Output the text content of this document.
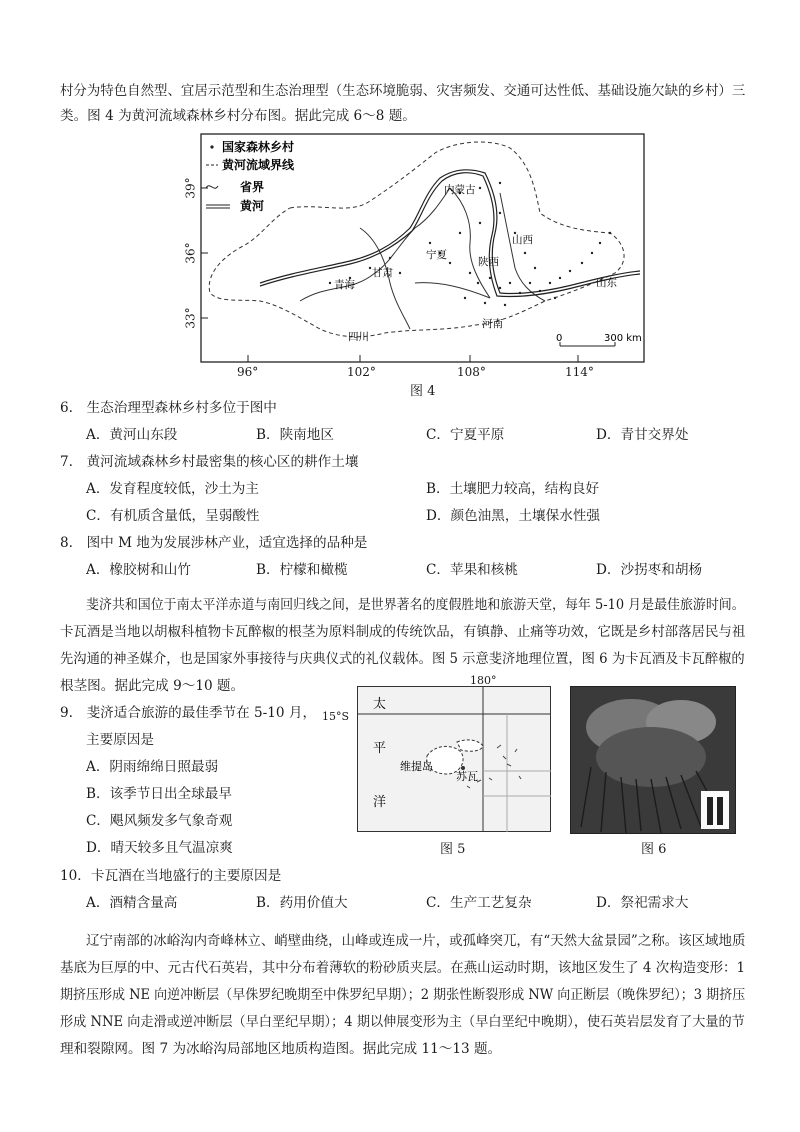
村分为特色自然型、宜居示范型和生态治理型（生态环境脆弱、灾害频发、交通可达性低、基础设施欠缺的乡村）三
类。图 4 为黄河流域森林乡村分布图。据此完成 6～8 题。
国家森林乡村
黄河流域界线
省界
黄河
内蒙古
宁夏
陕西
山西
甘肃
青海
四川
河南
山东
0	300 km
39°
36°
33°
96°	102°	108°	114°
图 4
6.　生态治理型森林乡村多位于图中
A．黄河山东段	B．陕南地区	C．宁夏平原	D．青甘交界处
7.　黄河流域森林乡村最密集的核心区的耕作土壤
A．发育程度较低，沙土为主	B．土壤肥力较高，结构良好
C．有机质含量低，呈弱酸性	D．颜色油黑，土壤保水性强
8.　图中 M 地为发展涉林产业，适宜选择的品种是
A．橡胶树和山竹	B．柠檬和橄榄	C．苹果和核桃	D．沙拐枣和胡杨
斐济共和国位于南太平洋赤道与南回归线之间，是世界著名的度假胜地和旅游天堂，每年 5-10 月是最佳旅游时间。
卡瓦酒是当地以胡椒科植物卡瓦醉椒的根茎为原料制成的传统饮品，有镇静、止痛等功效，它既是乡村部落居民与祖
先沟通的神圣媒介，也是国家外事接待与庆典仪式的礼仪载体。图 5 示意斐济地理位置，图 6 为卡瓦酒及卡瓦醉椒的
根茎图。据此完成 9～10 题。	180°
15°S
太
平
洋
维提岛
苏瓦
图 5	图 6
9.　斐济适合旅游的最佳季节在 5-10 月，
主要原因是
A．阴雨绵绵日照最弱
B．该季节日出全球最早
C．飓风频发多气象奇观
D．晴天较多且气温凉爽
10．卡瓦酒在当地盛行的主要原因是
A．酒精含量高	B．药用价值大	C．生产工艺复杂	D．祭祀需求大
辽宁南部的冰峪沟内奇峰林立、峭壁曲绕，山峰或连成一片，或孤峰突兀，有“天然大盆景园”之称。该区域地质
基底为巨厚的中、元古代石英岩，其中分布着薄软的粉砂质夹层。在燕山运动时期，该地区发生了 4 次构造变形：1
期挤压形成 NE 向逆冲断层（早侏罗纪晚期至中侏罗纪早期）；2 期张性断裂形成 NW 向正断层（晚侏罗纪）；3 期挤压
形成 NNE 向走滑或逆冲断层（早白垩纪早期）；4 期以伸展变形为主（早白垩纪中晚期），使石英岩层发育了大量的节
理和裂隙网。图 7 为冰峪沟局部地区地质构造图。据此完成 11～13 题。
